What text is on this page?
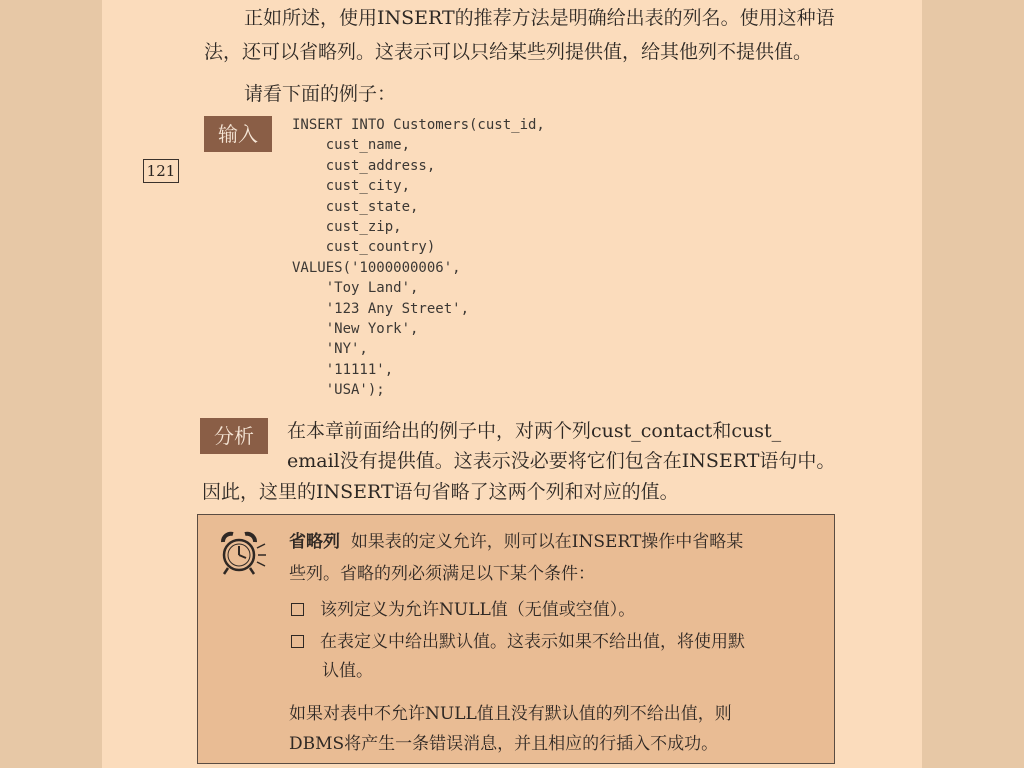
正如所述，使用INSERT的推荐方法是明确给出表的列名。使用这种语
法，还可以省略列。这表示可以只给某些列提供值，给其他列不提供值。
请看下面的例子：
输入
121
INSERT INTO Customers(cust_id,
cust_name,
cust_address,
cust_city,
cust_state,
cust_zip,
cust_country)
VALUES('1000000006',
'Toy Land',
'123 Any Street',
'New York',
'NY',
'11111',
'USA');
分析	在本章前面给出的例子中，对两个列cust_contact和cust_
email没有提供值。这表示没必要将它们包含在INSERT语句中。
因此，这里的INSERT语句省略了这两个列和对应的值。
省略列 如果表的定义允许，则可以在INSERT操作中省略某
些列。省略的列必须满足以下某个条件：
该列定义为允许NULL值（无值或空值）。
在表定义中给出默认值。这表示如果不给出值，将使用默
认值。
如果对表中不允许NULL值且没有默认值的列不给出值，则
DBMS将产生一条错误消息，并且相应的行插入不成功。
